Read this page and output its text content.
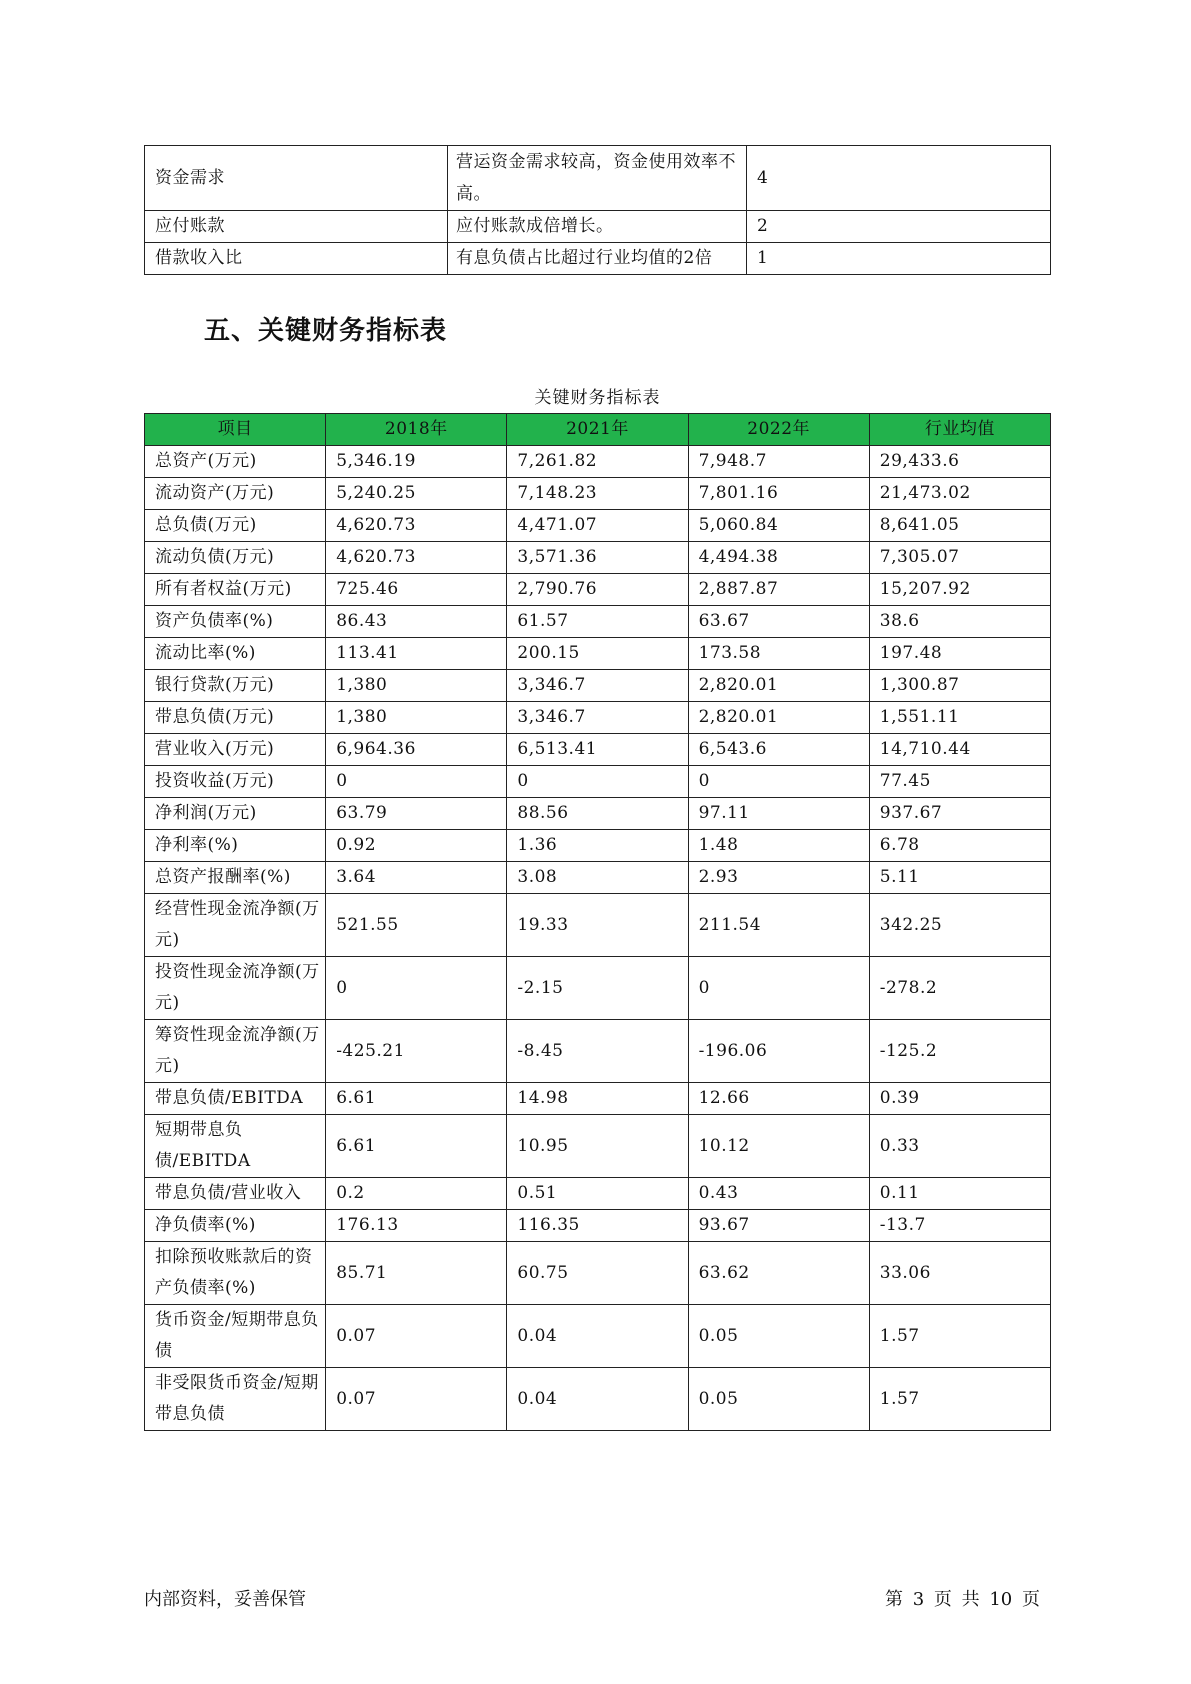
资金需求	营运资金需求较高，资金使用效率不高。	4
应付账款	应付账款成倍增长。	2
借款收入比	有息负债占比超过行业均值的2倍	1
五、关键财务指标表
关键财务指标表
项目	2018年	2021年	2022年	行业均值
总资产(万元)	5,346.19	7,261.82	7,948.7	29,433.6
流动资产(万元)	5,240.25	7,148.23	7,801.16	21,473.02
总负债(万元)	4,620.73	4,471.07	5,060.84	8,641.05
流动负债(万元)	4,620.73	3,571.36	4,494.38	7,305.07
所有者权益(万元)	725.46	2,790.76	2,887.87	15,207.92
资产负债率(%)	86.43	61.57	63.67	38.6
流动比率(%)	113.41	200.15	173.58	197.48
银行贷款(万元)	1,380	3,346.7	2,820.01	1,300.87
带息负债(万元)	1,380	3,346.7	2,820.01	1,551.11
营业收入(万元)	6,964.36	6,513.41	6,543.6	14,710.44
投资收益(万元)	0	0	0	77.45
净利润(万元)	63.79	88.56	97.11	937.67
净利率(%)	0.92	1.36	1.48	6.78
总资产报酬率(%)	3.64	3.08	2.93	5.11
经营性现金流净额(万元)	521.55	19.33	211.54	342.25
投资性现金流净额(万元)	0	-2.15	0	-278.2
筹资性现金流净额(万元)	-425.21	-8.45	-196.06	-125.2
带息负债/EBITDA	6.61	14.98	12.66	0.39
短期带息负债/EBITDA	6.61	10.95	10.12	0.33
带息负债/营业收入	0.2	0.51	0.43	0.11
净负债率(%)	176.13	116.35	93.67	-13.7
扣除预收账款后的资产负债率(%)	85.71	60.75	63.62	33.06
货币资金/短期带息负债	0.07	0.04	0.05	1.57
非受限货币资金/短期带息负债	0.07	0.04	0.05	1.57
内部资料，妥善保管	第 3 页 共 10 页
